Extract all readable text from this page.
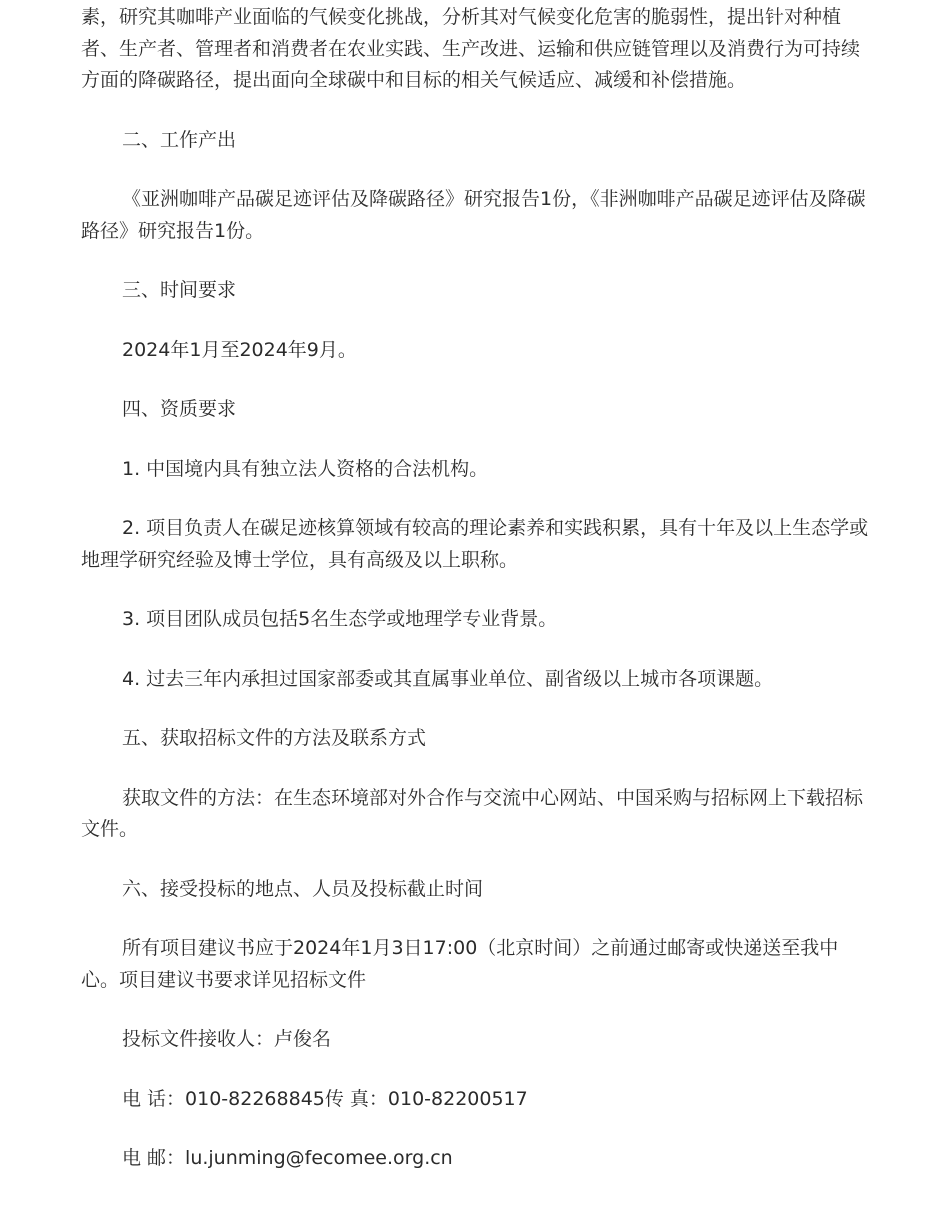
素，研究其咖啡产业面临的气候变化挑战，分析其对气候变化危害的脆弱性，提出针对种植者、生产者、管理者和消费者在农业实践、生产改进、运输和供应链管理以及消费行为可持续方面的降碳路径，提出面向全球碳中和目标的相关气候适应、减缓和补偿措施。

二、工作产出

《亚洲咖啡产品碳足迹评估及降碳路径》研究报告1份，《非洲咖啡产品碳足迹评估及降碳路径》研究报告1份。

三、时间要求

2024年1月至2024年9月。

四、资质要求

1. 中国境内具有独立法人资格的合法机构。

2. 项目负责人在碳足迹核算领域有较高的理论素养和实践积累，具有十年及以上生态学或地理学研究经验及博士学位，具有高级及以上职称。

3. 项目团队成员包括5名生态学或地理学专业背景。

4. 过去三年内承担过国家部委或其直属事业单位、副省级以上城市各项课题。

五、获取招标文件的方法及联系方式

获取文件的方法：在生态环境部对外合作与交流中心网站、中国采购与招标网上下载招标文件。

六、接受投标的地点、人员及投标截止时间

所有项目建议书应于2024年1月3日17:00（北京时间）之前通过邮寄或快递送至我中心。项目建议书要求详见招标文件

投标文件接收人：卢俊名

电 话：010-82268845传 真：010-82200517

电 邮：lu.junming@fecomee.org.cn
